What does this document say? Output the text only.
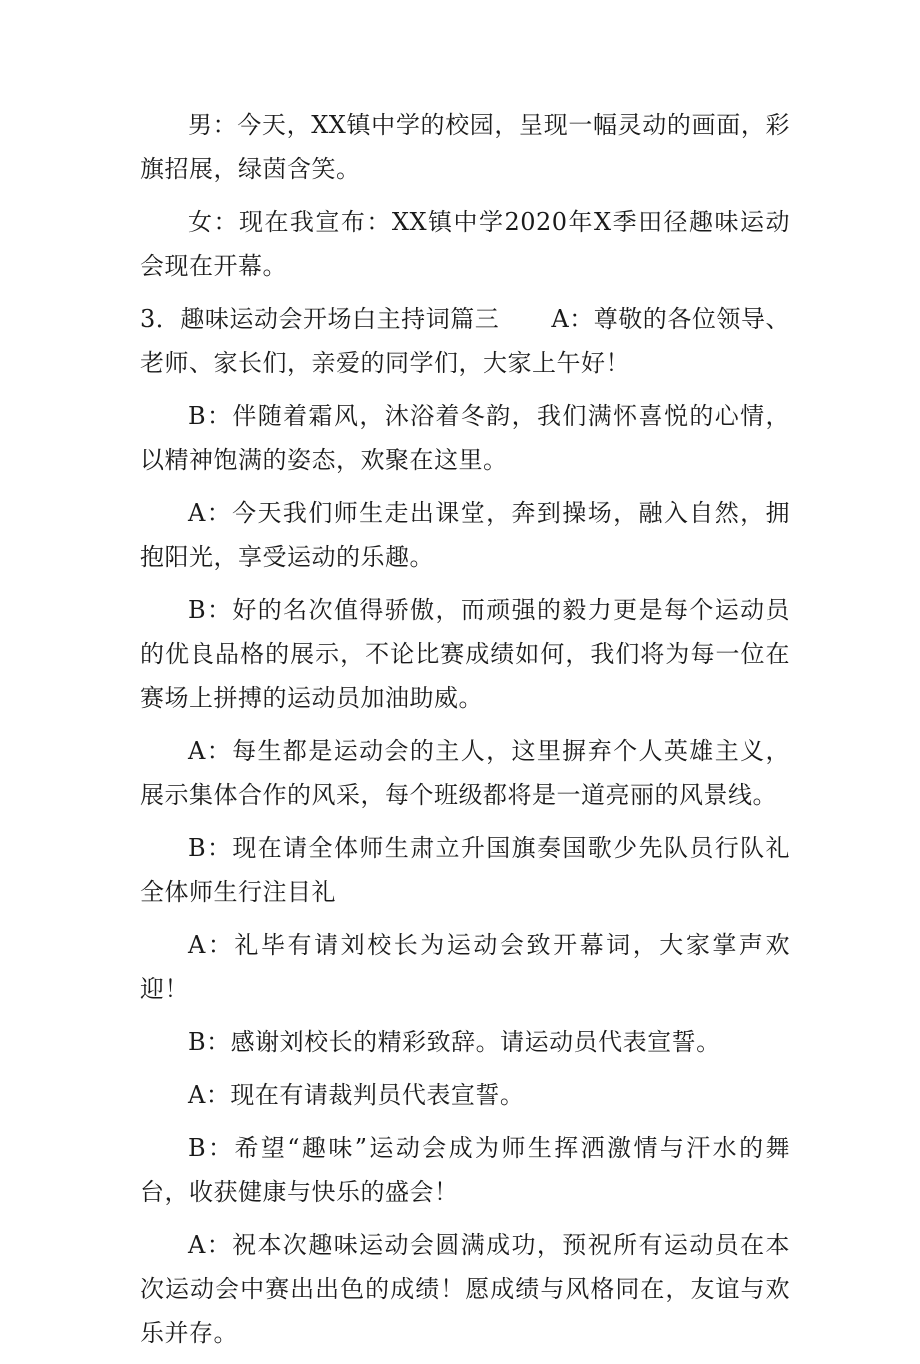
男：今天，XX镇中学的校园，呈现一幅灵动的画面，彩旗招展，绿茵含笑。

女：现在我宣布：XX镇中学2020年X季田径趣味运动会现在开幕。

3．趣味运动会开场白主持词篇三 A：尊敬的各位领导、老师、家长们，亲爱的同学们，大家上午好！

B：伴随着霜风，沐浴着冬韵，我们满怀喜悦的心情，以精神饱满的姿态，欢聚在这里。

A：今天我们师生走出课堂，奔到操场，融入自然，拥抱阳光，享受运动的乐趣。

B：好的名次值得骄傲，而顽强的毅力更是每个运动员的优良品格的展示，不论比赛成绩如何，我们将为每一位在赛场上拼搏的运动员加油助威。

A：每生都是运动会的主人，这里摒弃个人英雄主义，展示集体合作的风采，每个班级都将是一道亮丽的风景线。

B：现在请全体师生肃立升国旗奏国歌少先队员行队礼全体师生行注目礼

A：礼毕有请刘校长为运动会致开幕词，大家掌声欢迎！

B：感谢刘校长的精彩致辞。请运动员代表宣誓。

A：现在有请裁判员代表宣誓。

B：希望“趣味”运动会成为师生挥洒激情与汗水的舞台，收获健康与快乐的盛会！

A：祝本次趣味运动会圆满成功，预祝所有运动员在本次运动会中赛出出色的成绩！愿成绩与风格同在，友谊与欢乐并存。
